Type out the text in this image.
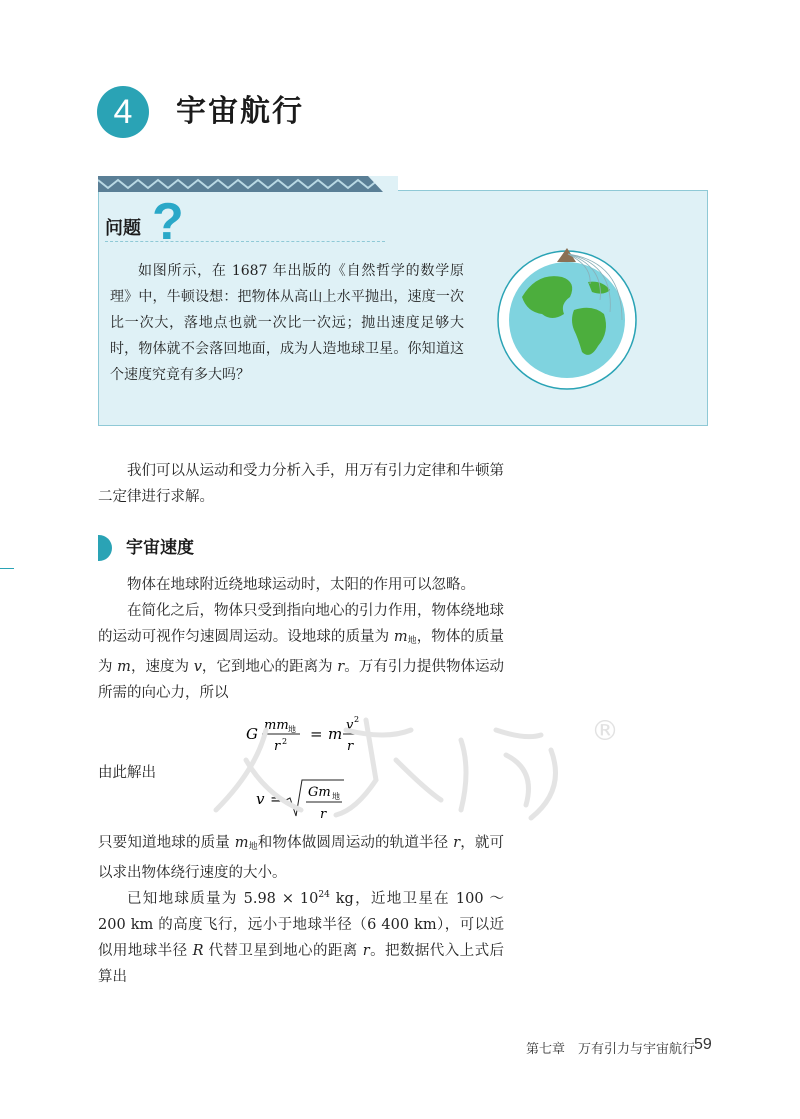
4	宇宙航行
问题 ?
如图所示，在 1687 年出版的《自然哲学的数学原理》中，牛顿设想：把物体从高山上水平抛出，速度一次比一次大，落地点也就一次比一次远；抛出速度足够大时，物体就不会落回地面，成为人造地球卫星。你知道这个速度究竟有多大吗？
我们可以从运动和受力分析入手，用万有引力定律和牛顿第二定律进行求解。
宇宙速度
物体在地球附近绕地球运动时，太阳的作用可以忽略。
在简化之后，物体只受到指向地心的引力作用，物体绕地球的运动可视作匀速圆周运动。设地球的质量为 $m_地$，物体的质量为 m，速度为 v，它到地心的距离为 r。万有引力提供物体运动所需的向心力，所以
G mm 地
r 2 = m v 2
r
由此解出
v = Gm 地
r
只要知道地球的质量 $m_地$和物体做圆周运动的轨道半径 r，就可以求出物体绕行速度的大小。
已知地球质量为 $5.98 \times 10^{24}$ kg，近地卫星在 100 ～ 200 km 的高度飞行，远小于地球半径（6 400 km），可以近似用地球半径 R 代替卫星到地心的距离 r。把数据代入上式后算出
®
第七章　万有引力与宇宙航行
59
